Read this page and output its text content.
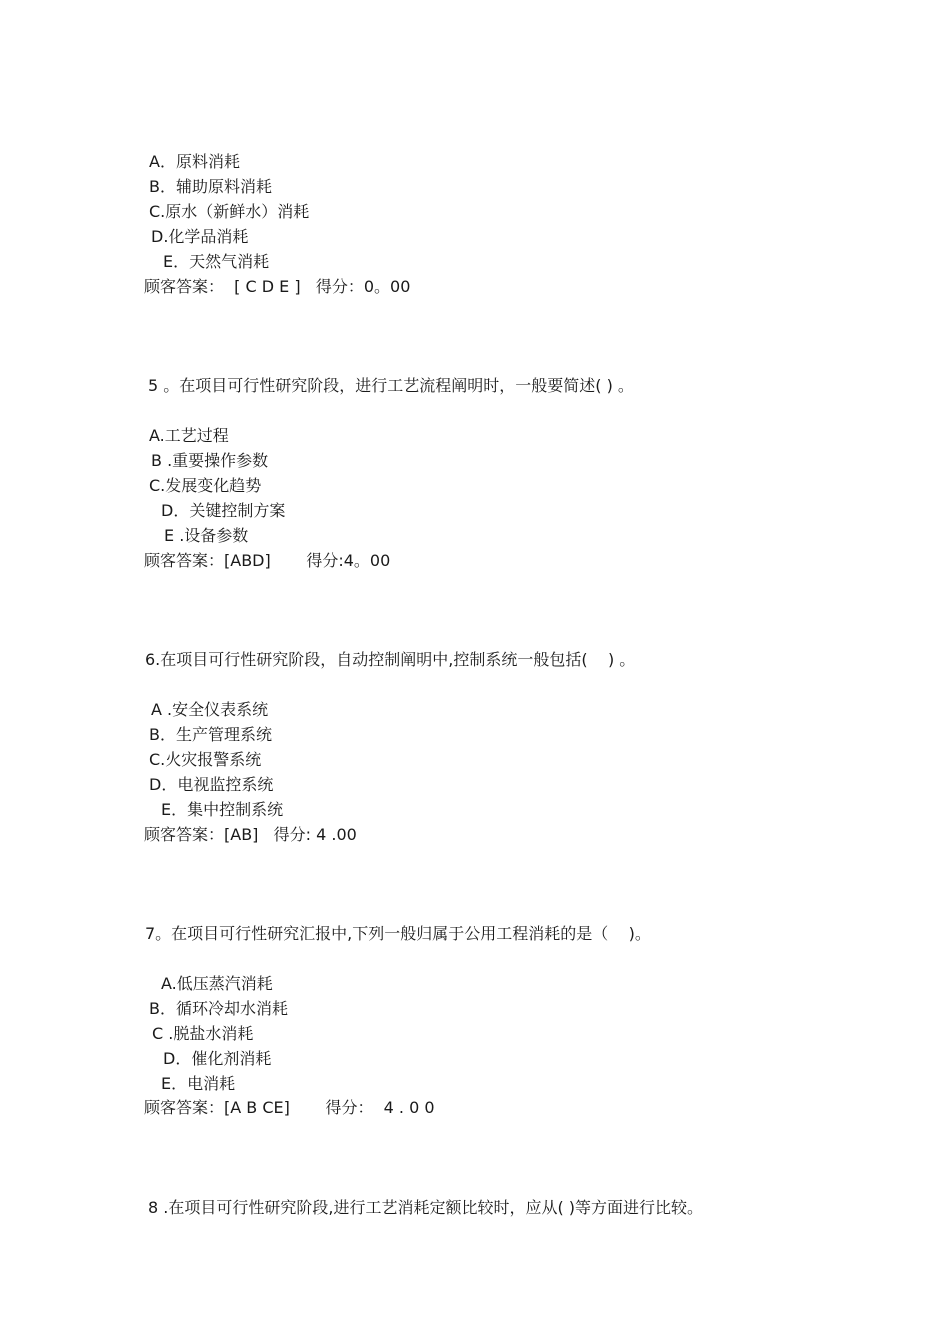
A．原料消耗
B．辅助原料消耗
C.原水（新鲜水）消耗
D.化学品消耗
E．天然气消耗
顾客答案：  [ C D E ]   得分：0。00
5 。在项目可行性研究阶段，进行工艺流程阐明时，一般要简述( ) 。
A.工艺过程
B .重要操作参数
C.发展变化趋势
D．关键控制方案
E .设备参数
顾客答案：[ABD]       得分:4。00
6.在项目可行性研究阶段，自动控制阐明中,控制系统一般包括(    ) 。
A .安全仪表系统
B．生产管理系统
C.火灾报警系统
D．电视监控系统
E．集中控制系统
顾客答案：[AB]   得分: 4 .00
7。在项目可行性研究汇报中,下列一般归属于公用工程消耗的是（    )。
A.低压蒸汽消耗
B．循环冷却水消耗
C .脱盐水消耗
D．催化剂消耗
E．电消耗
顾客答案：[A B CE]       得分：  4 . 0 0
8 .在项目可行性研究阶段,进行工艺消耗定额比较时，应从( )等方面进行比较。
